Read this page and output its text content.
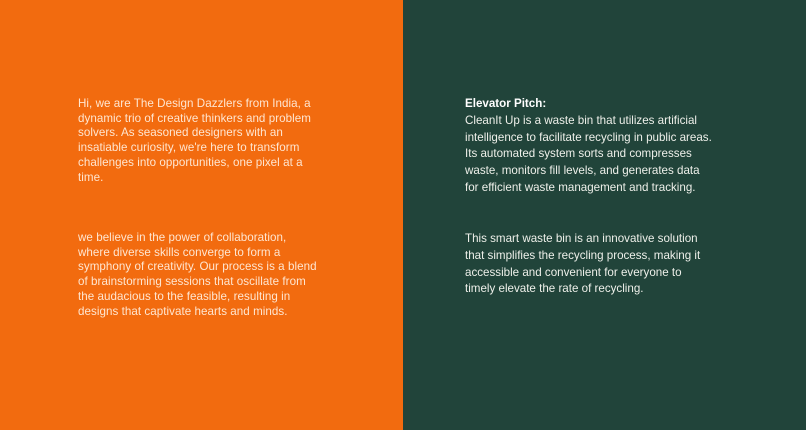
Hi, we are The Design Dazzlers from India, a dynamic trio of creative thinkers and problem solvers. As seasoned designers with an insatiable curiosity, we're here to transform challenges into opportunities, one pixel at a time.

we believe in the power of collaboration, where diverse skills converge to form a symphony of creativity. Our process is a blend of brainstorming sessions that oscillate from the audacious to the feasible, resulting in designs that captivate hearts and minds.

Elevator Pitch:
CleanIt Up is a waste bin that utilizes artificial intelligence to facilitate recycling in public areas. Its automated system sorts and compresses waste, monitors fill levels, and generates data for efficient waste management and tracking.
This smart waste bin is an innovative solution that simplifies the recycling process, making it accessible and convenient for everyone to timely elevate the rate of recycling.
